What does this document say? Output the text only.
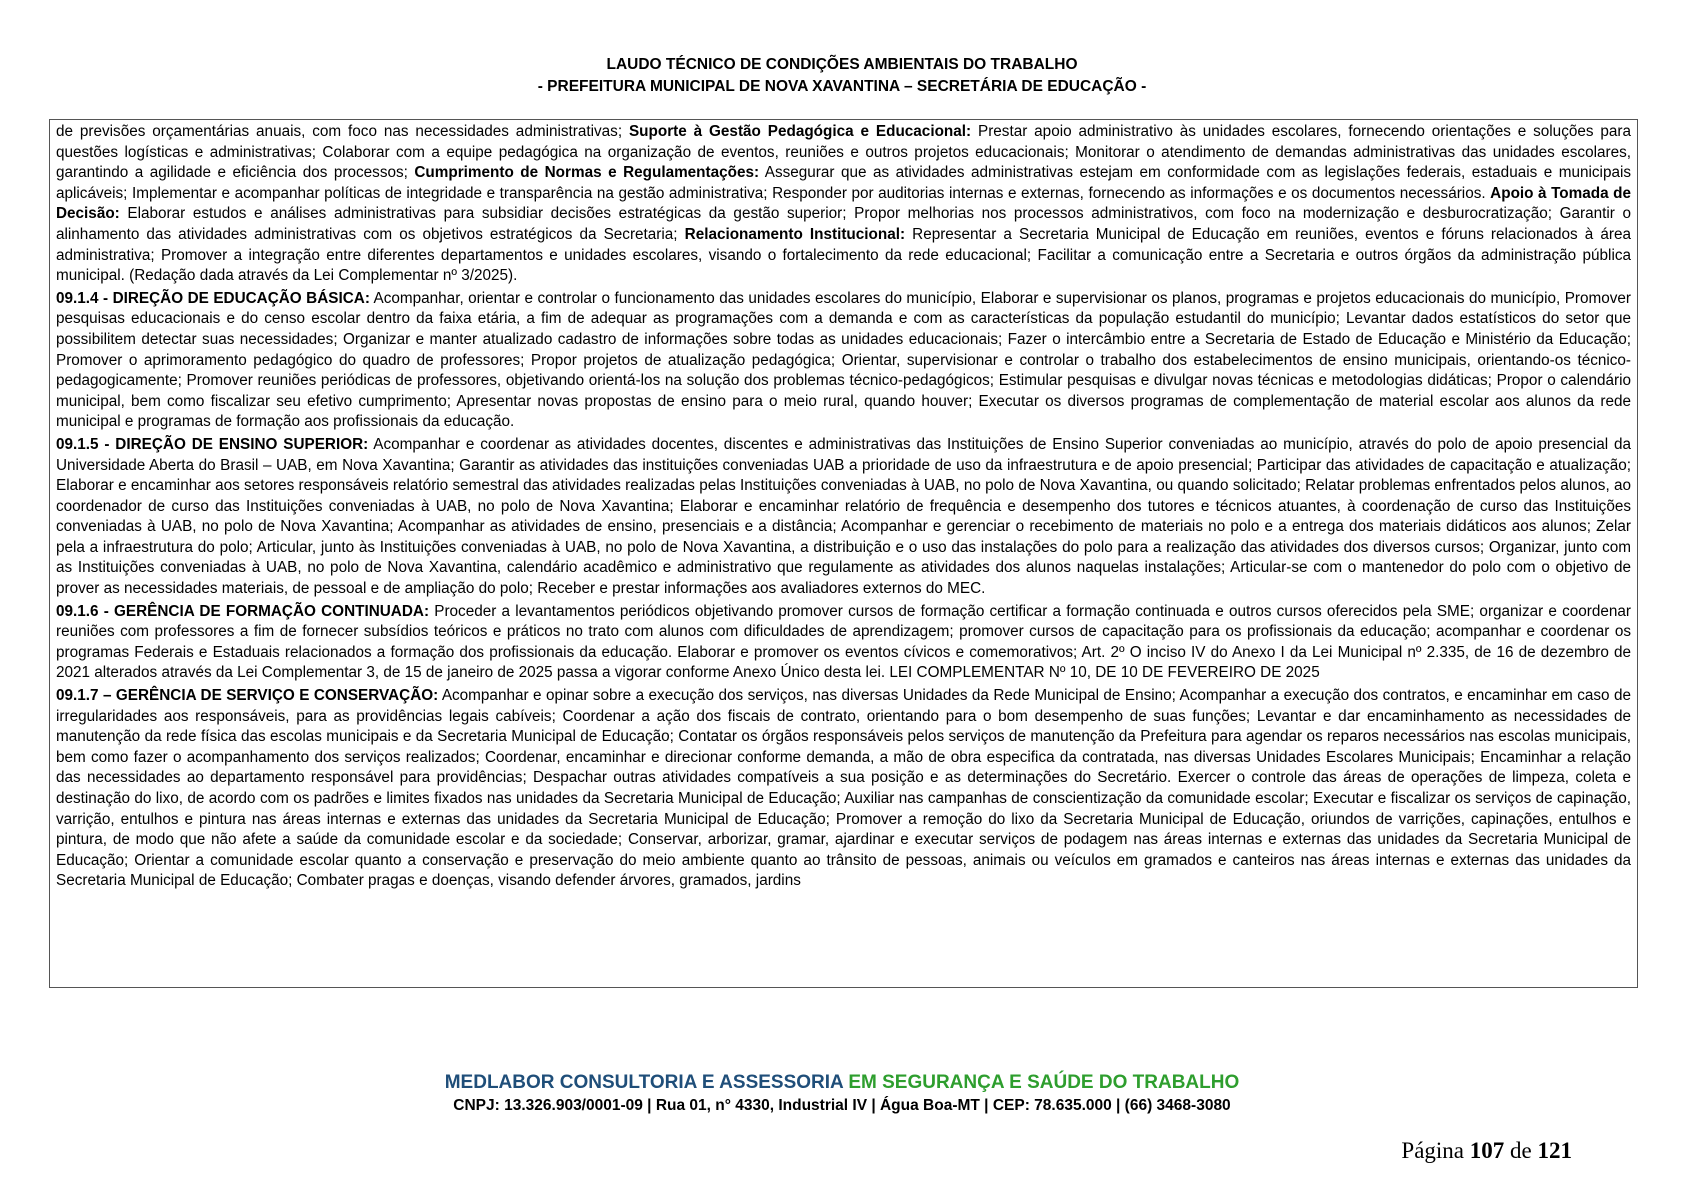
LAUDO TÉCNICO DE CONDIÇÕES AMBIENTAIS DO TRABALHO
- PREFEITURA MUNICIPAL DE NOVA XAVANTINA – SECRETÁRIA DE EDUCAÇÃO -

de previsões orçamentárias anuais, com foco nas necessidades administrativas; Suporte à Gestão Pedagógica e Educacional: Prestar apoio administrativo às unidades escolares, fornecendo orientações e soluções para questões logísticas e administrativas; Colaborar com a equipe pedagógica na organização de eventos, reuniões e outros projetos educacionais; Monitorar o atendimento de demandas administrativas das unidades escolares, garantindo a agilidade e eficiência dos processos; Cumprimento de Normas e Regulamentações: Assegurar que as atividades administrativas estejam em conformidade com as legislações federais, estaduais e municipais aplicáveis; Implementar e acompanhar políticas de integridade e transparência na gestão administrativa; Responder por auditorias internas e externas, fornecendo as informações e os documentos necessários. Apoio à Tomada de Decisão: Elaborar estudos e análises administrativas para subsidiar decisões estratégicas da gestão superior; Propor melhorias nos processos administrativos, com foco na modernização e desburocratização; Garantir o alinhamento das atividades administrativas com os objetivos estratégicos da Secretaria; Relacionamento Institucional: Representar a Secretaria Municipal de Educação em reuniões, eventos e fóruns relacionados à área administrativa; Promover a integração entre diferentes departamentos e unidades escolares, visando o fortalecimento da rede educacional; Facilitar a comunicação entre a Secretaria e outros órgãos da administração pública municipal. (Redação dada através da Lei Complementar nº 3/2025).

09.1.4 - DIREÇÃO DE EDUCAÇÃO BÁSICA: Acompanhar, orientar e controlar o funcionamento das unidades escolares do município, Elaborar e supervisionar os planos, programas e projetos educacionais do município, Promover pesquisas educacionais e do censo escolar dentro da faixa etária, a fim de adequar as programações com a demanda e com as características da população estudantil do município; Levantar dados estatísticos do setor que possibilitem detectar suas necessidades; Organizar e manter atualizado cadastro de informações sobre todas as unidades educacionais; Fazer o intercâmbio entre a Secretaria de Estado de Educação e Ministério da Educação; Promover o aprimoramento pedagógico do quadro de professores; Propor projetos de atualização pedagógica; Orientar, supervisionar e controlar o trabalho dos estabelecimentos de ensino municipais, orientando-os técnico-pedagogicamente; Promover reuniões periódicas de professores, objetivando orientá-los na solução dos problemas técnico-pedagógicos; Estimular pesquisas e divulgar novas técnicas e metodologias didáticas; Propor o calendário municipal, bem como fiscalizar seu efetivo cumprimento; Apresentar novas propostas de ensino para o meio rural, quando houver; Executar os diversos programas de complementação de material escolar aos alunos da rede municipal e programas de formação aos profissionais da educação.

09.1.5 - DIREÇÃO DE ENSINO SUPERIOR: Acompanhar e coordenar as atividades docentes, discentes e administrativas das Instituições de Ensino Superior conveniadas ao município, através do polo de apoio presencial da Universidade Aberta do Brasil – UAB, em Nova Xavantina; Garantir as atividades das instituições conveniadas UAB a prioridade de uso da infraestrutura e de apoio presencial; Participar das atividades de capacitação e atualização; Elaborar e encaminhar aos setores responsáveis relatório semestral das atividades realizadas pelas Instituições conveniadas à UAB, no polo de Nova Xavantina, ou quando solicitado; Relatar problemas enfrentados pelos alunos, ao coordenador de curso das Instituições conveniadas à UAB, no polo de Nova Xavantina; Elaborar e encaminhar relatório de frequência e desempenho dos tutores e técnicos atuantes, à coordenação de curso das Instituições conveniadas à UAB, no polo de Nova Xavantina; Acompanhar as atividades de ensino, presenciais e a distância; Acompanhar e gerenciar o recebimento de materiais no polo e a entrega dos materiais didáticos aos alunos; Zelar pela a infraestrutura do polo; Articular, junto às Instituições conveniadas à UAB, no polo de Nova Xavantina, a distribuição e o uso das instalações do polo para a realização das atividades dos diversos cursos; Organizar, junto com as Instituições conveniadas à UAB, no polo de Nova Xavantina, calendário acadêmico e administrativo que regulamente as atividades dos alunos naquelas instalações; Articular-se com o mantenedor do polo com o objetivo de prover as necessidades materiais, de pessoal e de ampliação do polo; Receber e prestar informações aos avaliadores externos do MEC.

09.1.6 - GERÊNCIA DE FORMAÇÃO CONTINUADA: Proceder a levantamentos periódicos objetivando promover cursos de formação certificar a formação continuada e outros cursos oferecidos pela SME; organizar e coordenar reuniões com professores a fim de fornecer subsídios teóricos e práticos no trato com alunos com dificuldades de aprendizagem; promover cursos de capacitação para os profissionais da educação; acompanhar e coordenar os programas Federais e Estaduais relacionados a formação dos profissionais da educação. Elaborar e promover os eventos cívicos e comemorativos; Art. 2º O inciso IV do Anexo I da Lei Municipal nº 2.335, de 16 de dezembro de 2021 alterados através da Lei Complementar 3, de 15 de janeiro de 2025 passa a vigorar conforme Anexo Único desta lei. LEI COMPLEMENTAR Nº 10, DE 10 DE FEVEREIRO DE 2025

09.1.7 – GERÊNCIA DE SERVIÇO E CONSERVAÇÃO: Acompanhar e opinar sobre a execução dos serviços, nas diversas Unidades da Rede Municipal de Ensino; Acompanhar a execução dos contratos, e encaminhar em caso de irregularidades aos responsáveis, para as providências legais cabíveis; Coordenar a ação dos fiscais de contrato, orientando para o bom desempenho de suas funções; Levantar e dar encaminhamento as necessidades de manutenção da rede física das escolas municipais e da Secretaria Municipal de Educação; Contatar os órgãos responsáveis pelos serviços de manutenção da Prefeitura para agendar os reparos necessários nas escolas municipais, bem como fazer o acompanhamento dos serviços realizados; Coordenar, encaminhar e direcionar conforme demanda, a mão de obra especifica da contratada, nas diversas Unidades Escolares Municipais; Encaminhar a relação das necessidades ao departamento responsável para providências; Despachar outras atividades compatíveis a sua posição e as determinações do Secretário. Exercer o controle das áreas de operações de limpeza, coleta e destinação do lixo, de acordo com os padrões e limites fixados nas unidades da Secretaria Municipal de Educação; Auxiliar nas campanhas de conscientização da comunidade escolar; Executar e fiscalizar os serviços de capinação, varrição, entulhos e pintura nas áreas internas e externas das unidades da Secretaria Municipal de Educação; Promover a remoção do lixo da Secretaria Municipal de Educação, oriundos de varrições, capinações, entulhos e pintura, de modo que não afete a saúde da comunidade escolar e da sociedade; Conservar, arborizar, gramar, ajardinar e executar serviços de podagem nas áreas internas e externas das unidades da Secretaria Municipal de Educação; Orientar a comunidade escolar quanto a conservação e preservação do meio ambiente quanto ao trânsito de pessoas, animais ou veículos em gramados e canteiros nas áreas internas e externas das unidades da Secretaria Municipal de Educação; Combater pragas e doenças, visando defender árvores, gramados, jardins

MEDLABOR CONSULTORIA E ASSESSORIA EM SEGURANÇA E SAÚDE DO TRABALHO
CNPJ: 13.326.903/0001-09 | Rua 01, n° 4330, Industrial IV | Água Boa-MT | CEP: 78.635.000 | (66) 3468-3080
Página 107 de 121
